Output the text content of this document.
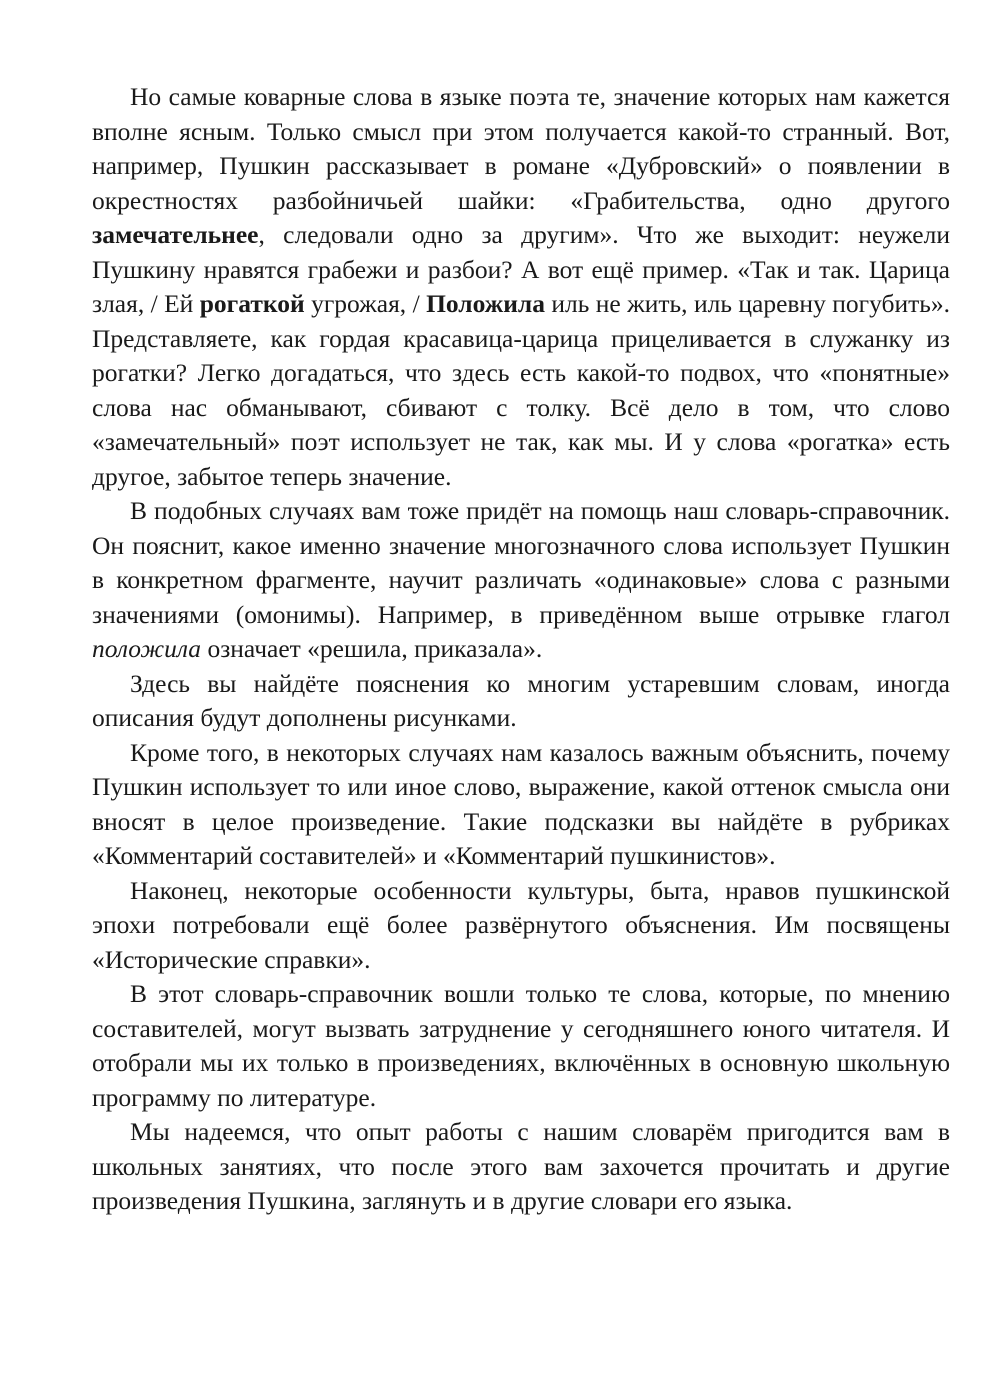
Но самые коварные слова в языке поэта те, значение которых нам кажется вполне ясным. Только смысл при этом получается какой-то странный. Вот, например, Пушкин рассказывает в романе «Дубровский» о появлении в окрестностях разбойничьей шайки: «Грабительства, одно другого замечательнее, следовали одно за другим». Что же выходит: неужели Пушкину нравятся грабежи и разбои? А вот ещё пример. «Так и так. Царица злая, / Ей рогаткой угрожая, / Положила иль не жить, иль царевну погубить». Представляете, как гордая красавица-царица прицеливается в служанку из рогатки? Легко догадаться, что здесь есть какой-то подвох, что «понятные» слова нас обманывают, сбивают с толку. Всё дело в том, что слово «замечательный» поэт использует не так, как мы. И у слова «рогатка» есть другое, забытое теперь значение.

В подобных случаях вам тоже придёт на помощь наш словарь-справочник. Он пояснит, какое именно значение многозначного слова использует Пушкин в конкретном фрагменте, научит различать «одинаковые» слова с разными значениями (омонимы). Например, в приведённом выше отрывке глагол положила означает «решила, приказала».

Здесь вы найдёте пояснения ко многим устаревшим словам, иногда описания будут дополнены рисунками.

Кроме того, в некоторых случаях нам казалось важным объяснить, почему Пушкин использует то или иное слово, выражение, какой оттенок смысла они вносят в целое произведение. Такие подсказки вы найдёте в рубриках «Комментарий составителей» и «Комментарий пушкинистов».

Наконец, некоторые особенности культуры, быта, нравов пушкинской эпохи потребовали ещё более развёрнутого объяснения. Им посвящены «Исторические справки».

В этот словарь-справочник вошли только те слова, которые, по мнению составителей, могут вызвать затруднение у сегодняшнего юного читателя. И отобрали мы их только в произведениях, включённых в основную школьную программу по литературе.

Мы надеемся, что опыт работы с нашим словарём пригодится вам в школьных занятиях, что после этого вам захочется прочитать и другие произведения Пушкина, заглянуть и в другие словари его языка.
